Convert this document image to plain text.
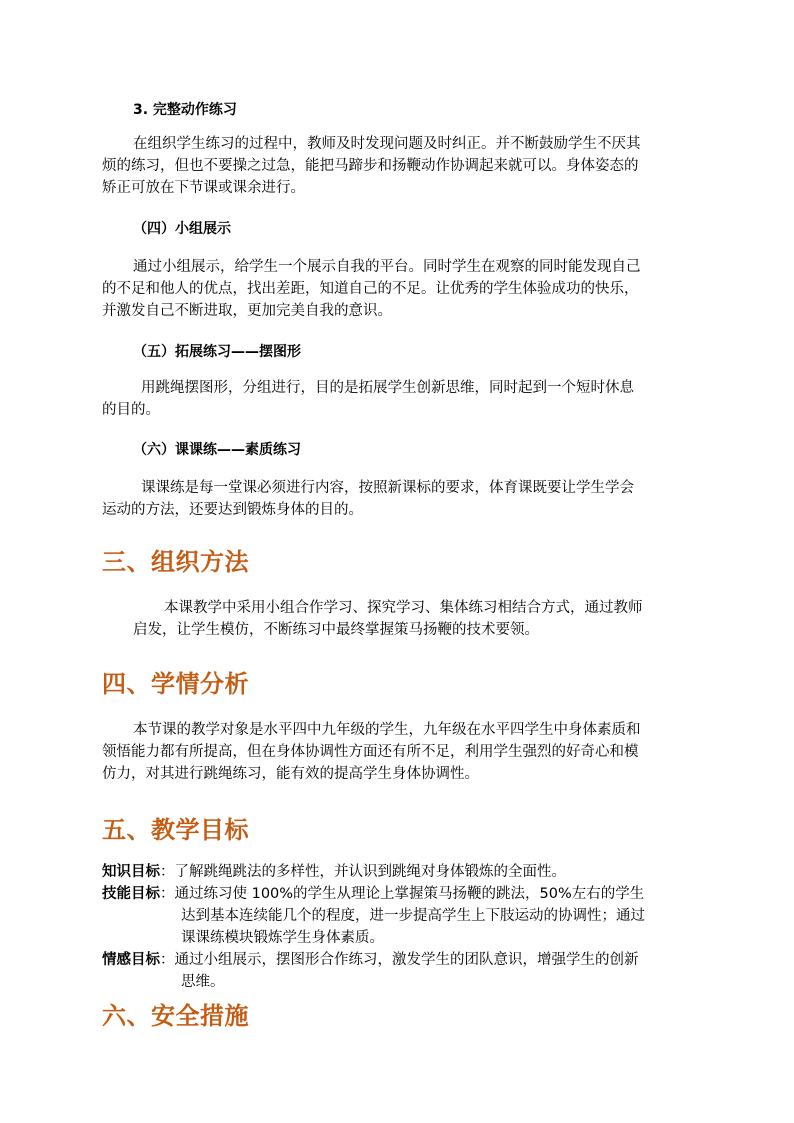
3. 完整动作练习
在组织学生练习的过程中，教师及时发现问题及时纠正。并不断鼓励学生不厌其
烦的练习，但也不要操之过急，能把马蹄步和扬鞭动作协调起来就可以。身体姿态的
矫正可放在下节课或课余进行。
（四）小组展示
通过小组展示，给学生一个展示自我的平台。同时学生在观察的同时能发现自己
的不足和他人的优点，找出差距，知道自己的不足。让优秀的学生体验成功的快乐，
并激发自己不断进取，更加完美自我的意识。
（五）拓展练习——摆图形
用跳绳摆图形，分组进行，目的是拓展学生创新思维，同时起到一个短时休息
的目的。
（六）课课练——素质练习
课课练是每一堂课必须进行内容，按照新课标的要求，体育课既要让学生学会
运动的方法，还要达到锻炼身体的目的。
三、组织方法
本课教学中采用小组合作学习、探究学习、集体练习相结合方式，通过教师
启发，让学生模仿，不断练习中最终掌握策马扬鞭的技术要领。
四、学情分析
本节课的教学对象是水平四中九年级的学生，九年级在水平四学生中身体素质和
领悟能力都有所提高，但在身体协调性方面还有所不足，利用学生强烈的好奇心和模
仿力，对其进行跳绳练习，能有效的提高学生身体协调性。
五、教学目标
知识目标：了解跳绳跳法的多样性，并认识到跳绳对身体锻炼的全面性。
技能目标：通过练习使 100%的学生从理论上掌握策马扬鞭的跳法，50%左右的学生
达到基本连续能几个的程度，进一步提高学生上下肢运动的协调性；通过
课课练模块锻炼学生身体素质。
情感目标：通过小组展示，摆图形合作练习，激发学生的团队意识，增强学生的创新
思维。
六、安全措施
